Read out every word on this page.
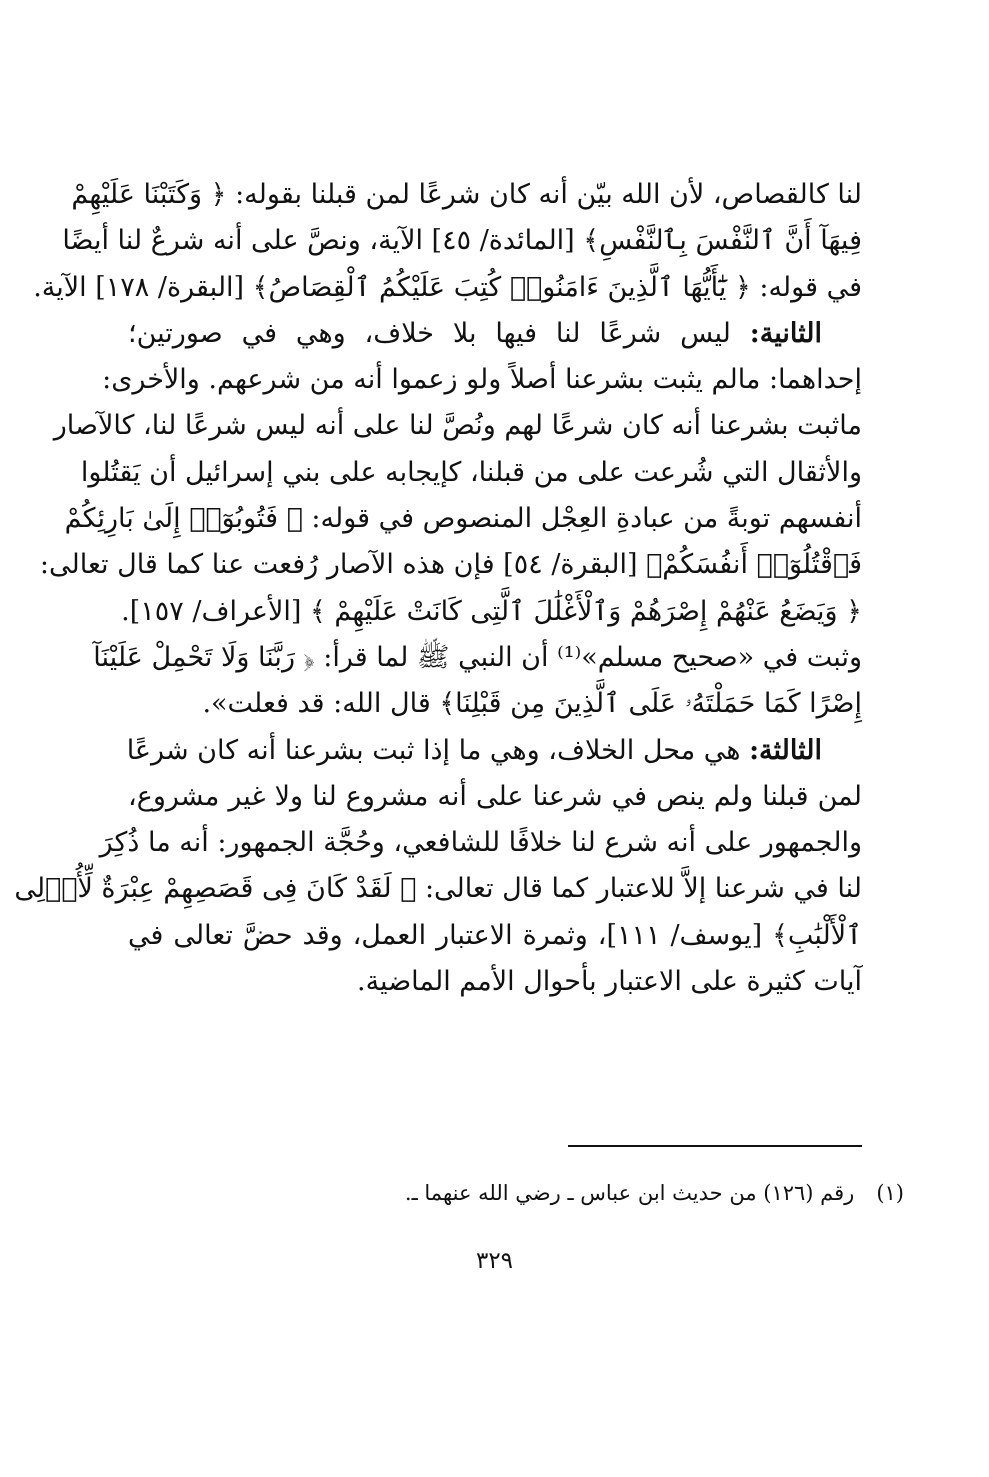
لنا كالقصاص، لأن الله بيّن أنه كان شرعًا لمن قبلنا بقوله: ﴿ وَكَتَبْنَا عَلَيْهِمْ
فِيهَآ أَنَّ ٱلنَّفْسَ بِٱلنَّفْسِ﴾ [المائدة/ ٤٥] الآية، ونصَّ على أنه شرعٌ لنا أيضًا
في قوله: ﴿ يَٰٓأَيُّهَا ٱلَّذِينَ ءَامَنُوا۟ كُتِبَ عَلَيْكُمُ ٱلْقِصَاصُ﴾ [البقرة/ ١٧٨] الآية.
الثانية: ليس شرعًا لنا فيها بلا خلاف، وهي في صورتين؛
إحداهما: مالم يثبت بشرعنا أصلاً ولو زعموا أنه من شرعهم. والأخرى:
ماثبت بشرعنا أنه كان شرعًا لهم ونُصَّ لنا على أنه ليس شرعًا لنا، كالآصار
والأثقال التي شُرعت على من قبلنا، كإيجابه على بني إسرائيل أن يَقتُلوا
أنفسهم توبةً من عبادةِ العِجْل المنصوص في قوله: ﴿ فَتُوبُوٓا۟ إِلَىٰ بَارِئِكُمْ
فَٱقْتُلُوٓا۟ أَنفُسَكُمْ﴾ [البقرة/ ٥٤] فإن هذه الآصار رُفعت عنا كما قال تعالى:
﴿ وَيَضَعُ عَنْهُمْ إِصْرَهُمْ وَٱلْأَغْلَٰلَ ٱلَّتِى كَانَتْ عَلَيْهِمْ ﴾ [الأعراف/ ١٥٧].
وثبت في «صحيح مسلم»⁽¹⁾ أن النبي ﷺ لما قرأ: ﴿ رَبَّنَا وَلَا تَحْمِلْ عَلَيْنَآ
إِصْرًا كَمَا حَمَلْتَهُۥ عَلَى ٱلَّذِينَ مِن قَبْلِنَا﴾ قال الله: قد فعلت».
الثالثة: هي محل الخلاف، وهي ما إذا ثبت بشرعنا أنه كان شرعًا
لمن قبلنا ولم ينص في شرعنا على أنه مشروع لنا ولا غير مشروع،
والجمهور على أنه شرع لنا خلافًا للشافعي، وحُجَّة الجمهور: أنه ما ذُكِرَ
لنا في شرعنا إلاَّ للاعتبار كما قال تعالى: ﴿ لَقَدْ كَانَ فِى قَصَصِهِمْ عِبْرَةٌ لِّأُو۟لِى
ٱلْأَلْبَٰبِ﴾ [يوسف/ ١١١]، وثمرة الاعتبار العمل، وقد حضَّ تعالى في
آيات كثيرة على الاعتبار بأحوال الأمم الماضية.
(١)رقم (١٢٦) من حديث ابن عباس ـ رضي الله عنهما ـ.
٣٢٩
